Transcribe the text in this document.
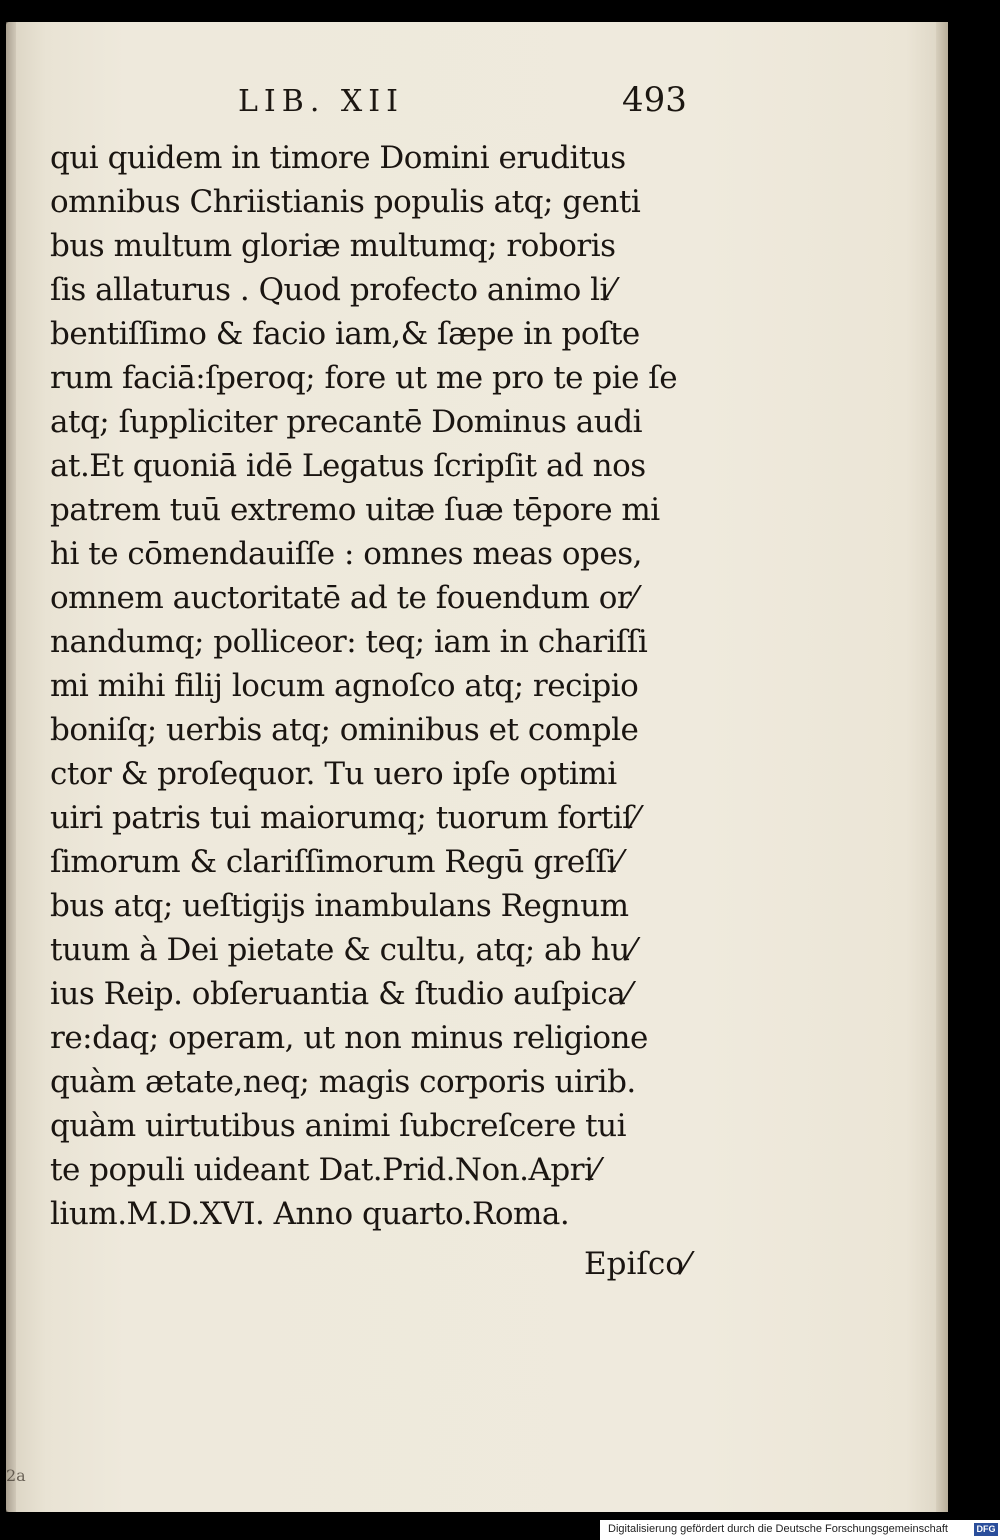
LIB. XII	493
qui quidem in timore Domini eruditus
omnibus Chriistianis populis atq; genti
bus multum gloriæ multumq; roboris
ſis allaturus . Quod profecto animo li⁄
bentiſſimo & facio iam,& ſæpe in poſte
rum faciā:ſperoq; fore ut me pro te pie ſe
atq; ſuppliciter precantē Dominus audi
at.Et quoniā idē Legatus ſcripſit ad nos
patrem tuū extremo uitæ ſuæ tēpore mi
hi te cōmendauiſſe : omnes meas opes,
omnem auctoritatē ad te fouendum or⁄
nandumq; polliceor: teq; iam in chariſſi
mi mihi filij locum agnoſco atq; recipio
boniſq; uerbis atq; ominibus et comple
ctor & proſequor. Tu uero ipſe optimi
uiri patris tui maiorumq; tuorum fortiſ⁄
ſimorum & clariſſimorum Regū greſſi⁄
bus atq; ueſtigijs inambulans Regnum
tuum à Dei pietate & cultu, atq; ab hu⁄
ius Reip. obſeruantia & ſtudio auſpica⁄
re:daq; operam, ut non minus religione
quàm ætate,neq; magis corporis uirib.
quàm uirtutibus animi ſubcreſcere tui
te populi uideant Dat.Prid.Non.Apri⁄
lium.M.D.XVI. Anno quarto.Roma.
Epiſco⁄
2a
Digitalisierung gefördert durch die Deutsche Forschungsgemeinschaft	DFG
